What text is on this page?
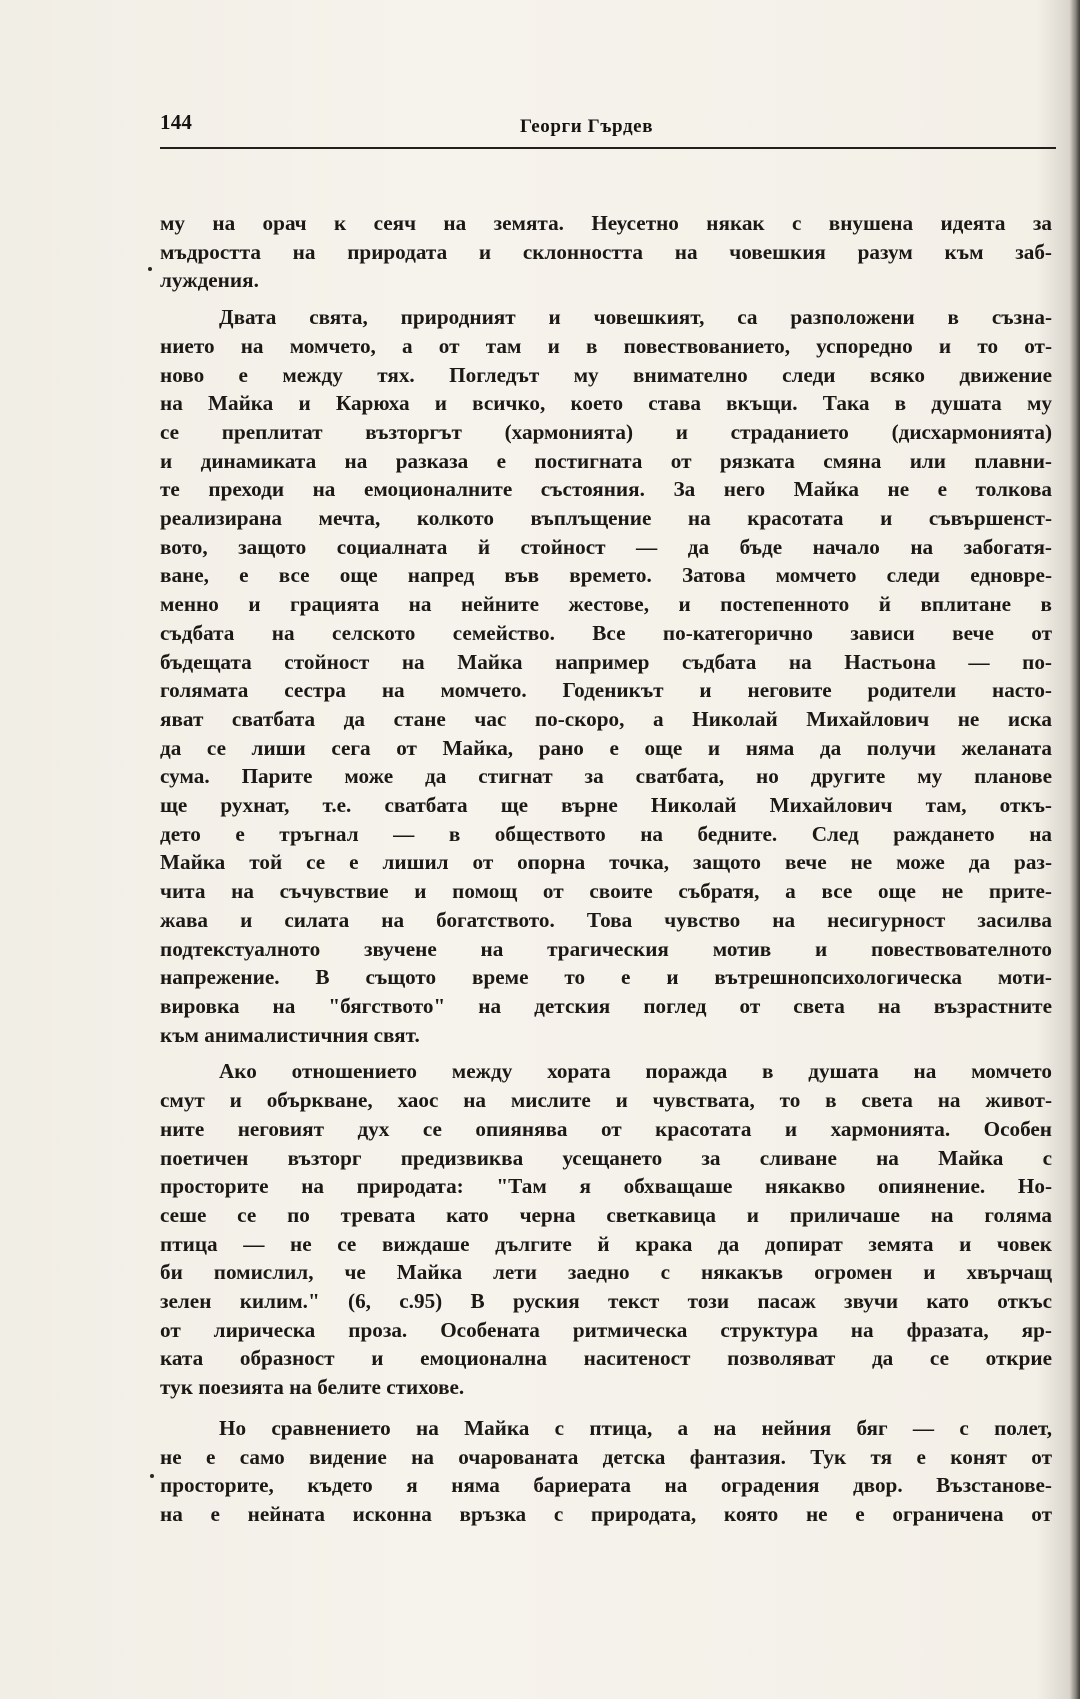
144	Георги Гърдев
му на орач к сеяч на земята. Неусетно някак с внушена идеята за
мъдростта на природата и склонността на човешкия разум към заб-
луждения.
Двата свята, природният и човешкият, са разположени в съзна-
нието на момчето, а от там и в повествованието, успоредно и то от-
ново е между тях. Погледът му внимателно следи всяко движение
на Майка и Карюха и всичко, което става вкъщи. Така в душата му
се преплитат възторгът (хармонията) и страданието (дисхармонията)
и динамиката на разказа е постигната от рязката смяна или плавни-
те преходи на емоционалните състояния. За него Майка не е толкова
реализирана мечта, колкото въплъщение на красотата и съвършенст-
вото, защото социалната й стойност — да бъде начало на забогатя-
ване, е все още напред във времето. Затова момчето следи едновре-
менно и грацията на нейните жестове, и постепенното й вплитане в
съдбата на селското семейство. Все по-категорично зависи вече от
бъдещата стойност на Майка например съдбата на Настьона — по-
голямата сестра на момчето. Годеникът и неговите родители насто-
яват сватбата да стане час по-скоро, а Николай Михайлович не иска
да се лиши сега от Майка, рано е още и няма да получи желаната
сума. Парите може да стигнат за сватбата, но другите му планове
ще рухнат, т.е. сватбата ще върне Николай Михайлович там, откъ-
дето е тръгнал — в обществото на бедните. След раждането на
Майка той се е лишил от опорна точка, защото вече не може да раз-
чита на съчувствие и помощ от своите събратя, а все още не прите-
жава и силата на богатството. Това чувство на несигурност засилва
подтекстуалното звучене на трагическия мотив и повествователното
напрежение. В същото време то е и вътрешнопсихологическа моти-
вировка на "бягството" на детския поглед от света на възрастните
към анималистичния свят.
Ако отношението между хората поражда в душата на момчето
смут и объркване, хаос на мислите и чувствата, то в света на живот-
ните неговият дух се опиянява от красотата и хармонията. Особен
поетичен възторг предизвиква усещането за сливане на Майка с
просторите на природата: "Там я обхващаше някакво опиянение. Но-
сеше се по тревата като черна светкавица и приличаше на голяма
птица — не се виждаше дългите й крака да допират земята и човек
би помислил, че Майка лети заедно с някакъв огромен и хвърчащ
зелен килим." (6, с.95) В руския текст този пасаж звучи като откъс
от лирическа проза. Особената ритмическа структура на фразата, яр-
ката образност и емоционална наситеност позволяват да се открие
тук поезията на белите стихове.
Но сравнението на Майка с птица, а на нейния бяг — с полет,
не е само видение на очарованата детска фантазия. Тук тя е конят от
просторите, където я няма бариерата на оградения двор. Възстанове-
на е нейната исконна връзка с природата, която не е ограничена от
